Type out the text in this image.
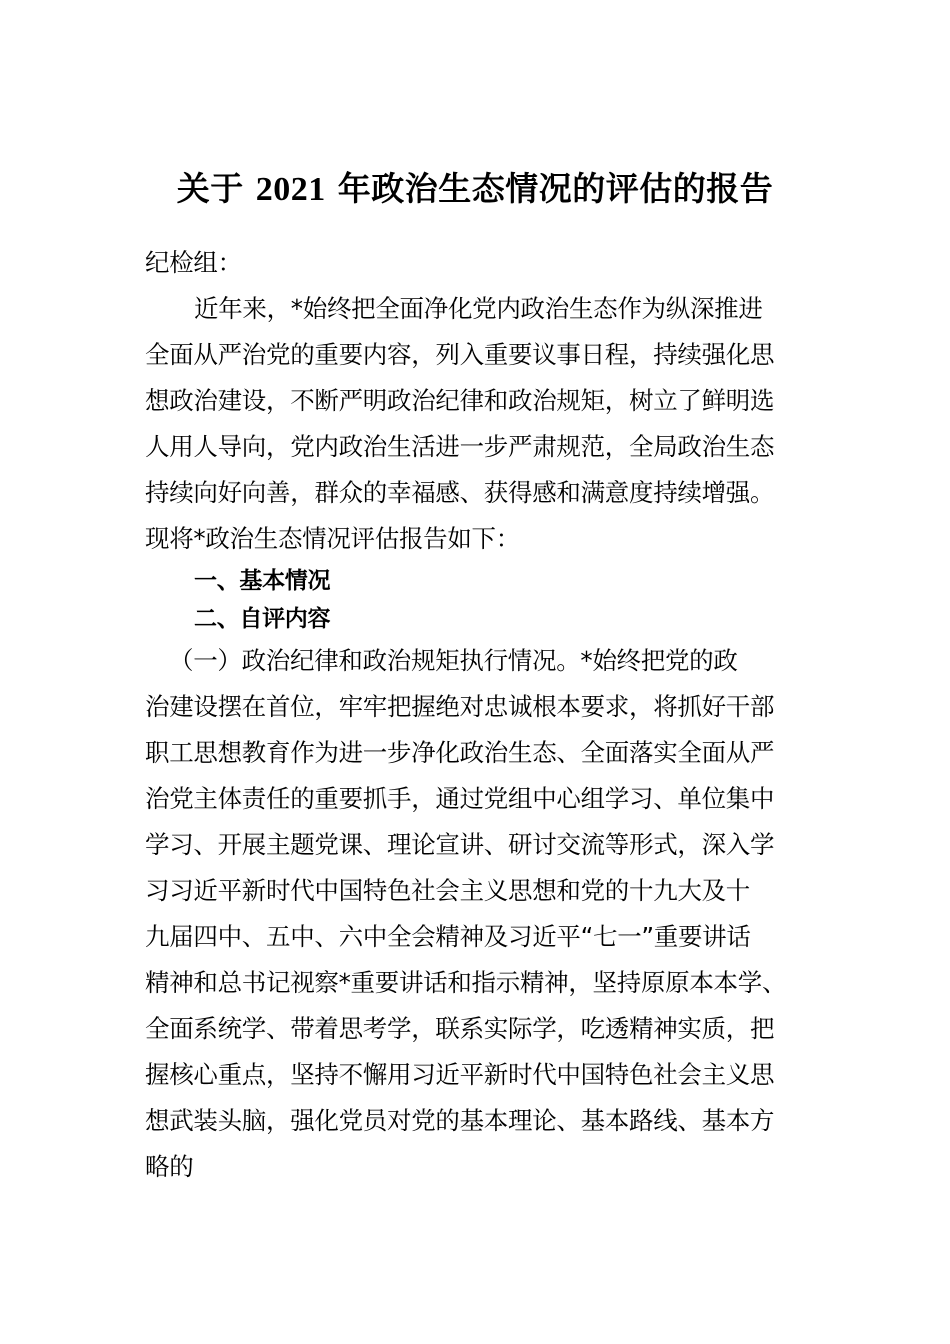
关于 2021 年政治生态情况的评估的报告
纪检组：
近年来，*始终把全面净化党内政治生态作为纵深推进
全面从严治党的重要内容，列入重要议事日程，持续强化思
想政治建设，不断严明政治纪律和政治规矩，树立了鲜明选
人用人导向，党内政治生活进一步严肃规范，全局政治生态
持续向好向善，群众的幸福感、获得感和满意度持续增强。
现将*政治生态情况评估报告如下：
一、基本情况
二、自评内容
（一）政治纪律和政治规矩执行情况。*始终把党的政
治建设摆在首位，牢牢把握绝对忠诚根本要求，将抓好干部
职工思想教育作为进一步净化政治生态、全面落实全面从严
治党主体责任的重要抓手，通过党组中心组学习、单位集中
学习、开展主题党课、理论宣讲、研讨交流等形式，深入学
习习近平新时代中国特色社会主义思想和党的十九大及十
九届四中、五中、六中全会精神及习近平“七一”重要讲话
精神和总书记视察*重要讲话和指示精神，坚持原原本本学、
全面系统学、带着思考学，联系实际学，吃透精神实质，把
握核心重点，坚持不懈用习近平新时代中国特色社会主义思
想武装头脑，强化党员对党的基本理论、基本路线、基本方
略的
